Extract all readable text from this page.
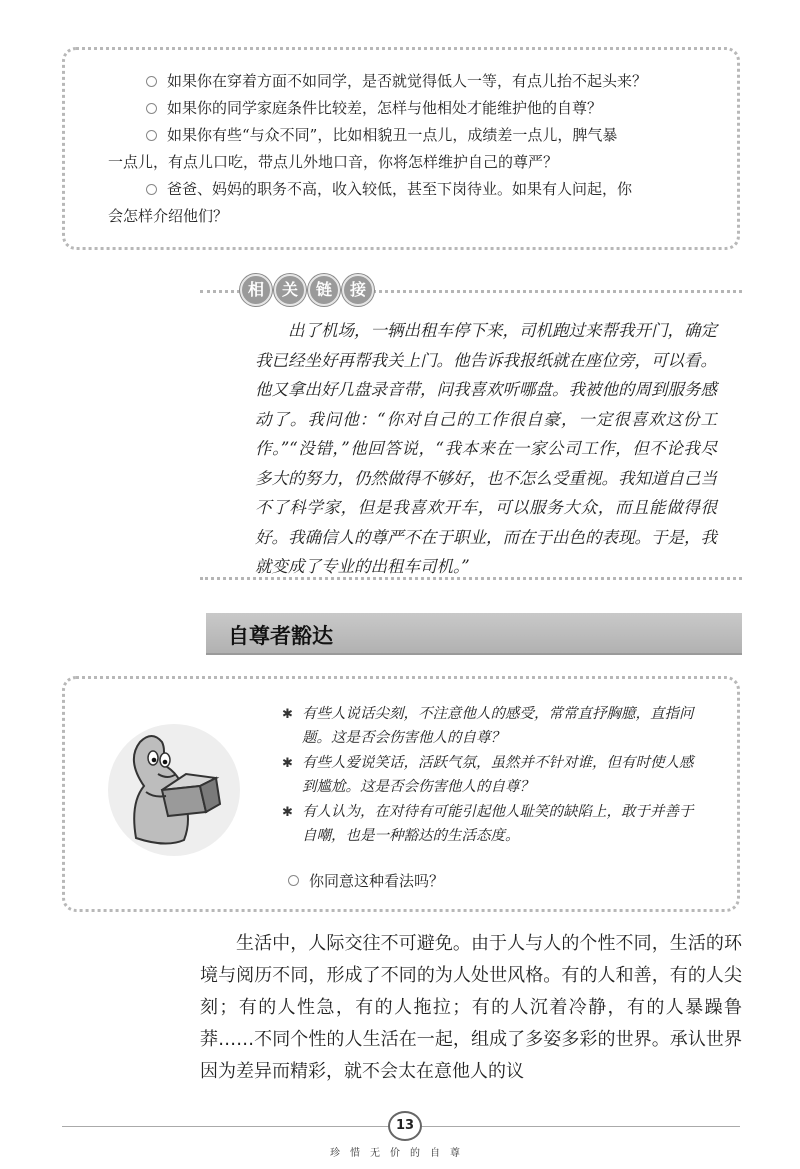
如果你在穿着方面不如同学，是否就觉得低人一等，有点儿抬不起头来？
如果你的同学家庭条件比较差，怎样与他相处才能维护他的自尊？
如果你有些“与众不同”，比如相貌丑一点儿，成绩差一点儿，脾气暴
一点儿，有点儿口吃，带点儿外地口音，你将怎样维护自己的尊严？
爸爸、妈妈的职务不高，收入较低，甚至下岗待业。如果有人问起，你
会怎样介绍他们？
相	关	链	接

出了机场，一辆出租车停下来，司机跑过来帮我开门，确定我已经坐好再帮我关上门。他告诉我报纸就在座位旁，可以看。他又拿出好几盘录音带，问我喜欢听哪盘。我被他的周到服务感动了。我问他：“你对自己的工作很自豪，一定很喜欢这份工作。”“没错，”他回答说，“我本来在一家公司工作，但不论我尽多大的努力，仍然做得不够好，也不怎么受重视。我知道自己当不了科学家，但是我喜欢开车，可以服务大众，而且能做得很好。我确信人的尊严不在于职业，而在于出色的表现。于是，我就变成了专业的出租车司机。”

自尊者豁达
✱ 有些人说话尖刻，不注意他人的感受，常常直抒胸臆，直指问题。这是否会伤害他人的自尊？
✱ 有些人爱说笑话，活跃气氛，虽然并不针对谁，但有时使人感到尴尬。这是否会伤害他人的自尊？
✱ 有人认为，在对待有可能引起他人耻笑的缺陷上，敢于并善于自嘲，也是一种豁达的生活态度。
你同意这种看法吗？

生活中，人际交往不可避免。由于人与人的个性不同，生活的环境与阅历不同，形成了不同的为人处世风格。有的人和善，有的人尖刻；有的人性急，有的人拖拉；有的人沉着冷静，有的人暴躁鲁莽……不同个性的人生活在一起，组成了多姿多彩的世界。承认世界因为差异而精彩，就不会太在意他人的议

13
珍惜无价的自尊
